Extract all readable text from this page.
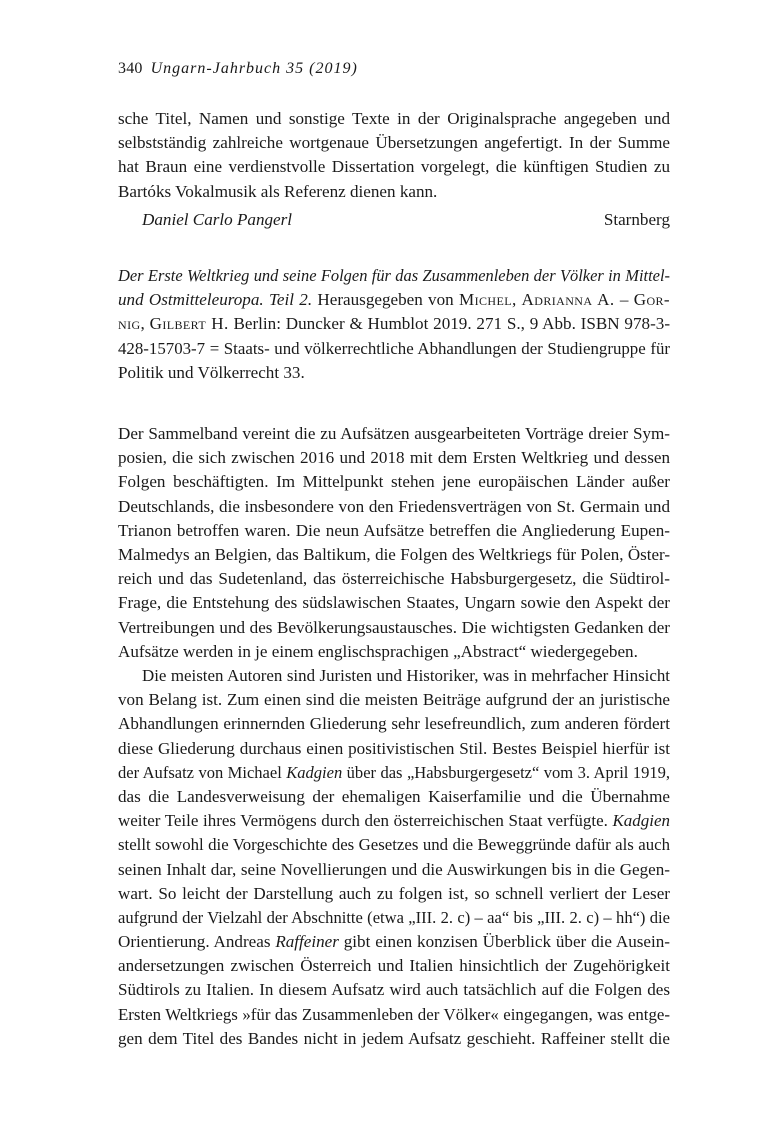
340 Ungarn-Jahrbuch 35 (2019)
sche Titel, Namen und sonstige Texte in der Originalsprache angegeben und
selbstständig zahlreiche wortgenaue Übersetzungen angefertigt. In der Summe
hat Braun eine verdienstvolle Dissertation vorgelegt, die künftigen Studien zu
Bartóks Vokalmusik als Referenz dienen kann.
Daniel Carlo Pangerl	Starnberg
Der Erste Weltkrieg und seine Folgen für das Zusammenleben der Völker in Mittel-
und Ostmitteleuropa. Teil 2. Herausgegeben von Michel, Adrianna A. – Gor-
nig, Gilbert H. Berlin: Duncker & Humblot 2019. 271 S., 9 Abb. ISBN 978-3-
428-15703-7 = Staats- und völkerrechtliche Abhandlungen der Studiengruppe für
Politik und Völkerrecht 33.
Der Sammelband vereint die zu Aufsätzen ausgearbeiteten Vorträge dreier Sym-
posien, die sich zwischen 2016 und 2018 mit dem Ersten Weltkrieg und dessen
Folgen beschäftigten. Im Mittelpunkt stehen jene europäischen Länder außer
Deutschlands, die insbesondere von den Friedensverträgen von St. Germain und
Trianon betroffen waren. Die neun Aufsätze betreffen die Angliederung Eupen-
Malmedys an Belgien, das Baltikum, die Folgen des Weltkriegs für Polen, Öster-
reich und das Sudetenland, das österreichische Habsburgergesetz, die Südtirol-
Frage, die Entstehung des südslawischen Staates, Ungarn sowie den Aspekt der
Vertreibungen und des Bevölkerungsaustausches. Die wichtigsten Gedanken der
Aufsätze werden in je einem englischsprachigen „Abstract“ wiedergegeben.
Die meisten Autoren sind Juristen und Historiker, was in mehrfacher Hinsicht
von Belang ist. Zum einen sind die meisten Beiträge aufgrund der an juristische
Abhandlungen erinnernden Gliederung sehr lesefreundlich, zum anderen fördert
diese Gliederung durchaus einen positivistischen Stil. Bestes Beispiel hierfür ist
der Aufsatz von Michael Kadgien über das „Habsburgergesetz“ vom 3. April 1919,
das die Landesverweisung der ehemaligen Kaiserfamilie und die Übernahme
weiter Teile ihres Vermögens durch den österreichischen Staat verfügte. Kadgien
stellt sowohl die Vorgeschichte des Gesetzes und die Beweggründe dafür als auch
seinen Inhalt dar, seine Novellierungen und die Auswirkungen bis in die Gegen-
wart. So leicht der Darstellung auch zu folgen ist, so schnell verliert der Leser
aufgrund der Vielzahl der Abschnitte (etwa „III. 2. c) – aa“ bis „III. 2. c) – hh“) die
Orientierung. Andreas Raffeiner gibt einen konzisen Überblick über die Ausein-
andersetzungen zwischen Österreich und Italien hinsichtlich der Zugehörigkeit
Südtirols zu Italien. In diesem Aufsatz wird auch tatsächlich auf die Folgen des
Ersten Weltkriegs »für das Zusammenleben der Völker« eingegangen, was entge-
gen dem Titel des Bandes nicht in jedem Aufsatz geschieht. Raffeiner stellt die
